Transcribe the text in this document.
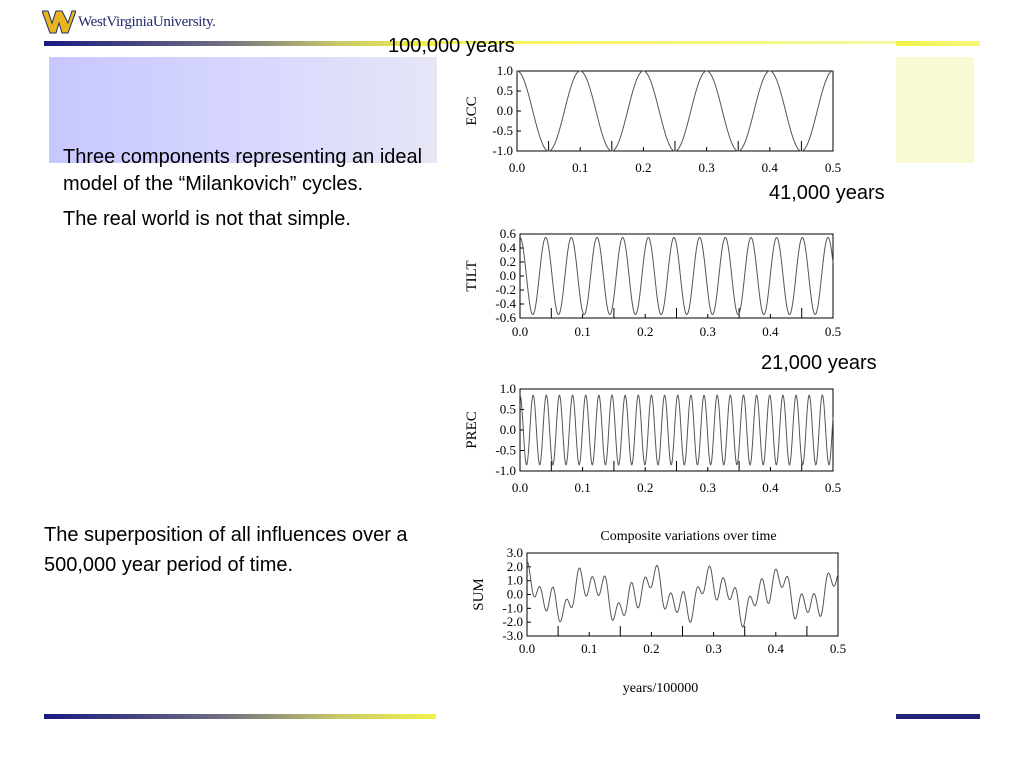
WestVirginiaUniversity.

Three components representing an ideal model of the “Milankovich” cycles.

The real world is not that simple.

The superposition of all influences over a 500,000 year period of time.
100,000 years
41,000 years
21,000 years
1.0
0.5
0.0
-0.5
-1.0
0.0	0.1	0.2	0.3	0.4	0.5
ECC
0.6
0.4
0.2
0.0
-0.2
-0.4
-0.6
0.0	0.1	0.2	0.3	0.4	0.5
TILT
1.0
0.5
0.0
-0.5
-1.0
0.0	0.1	0.2	0.3	0.4	0.5
PREC
3.0
2.0
1.0
0.0
-1.0
-2.0
-3.0
0.0	0.1	0.2	0.3	0.4	0.5
SUM
Composite variations over time
years/100000
